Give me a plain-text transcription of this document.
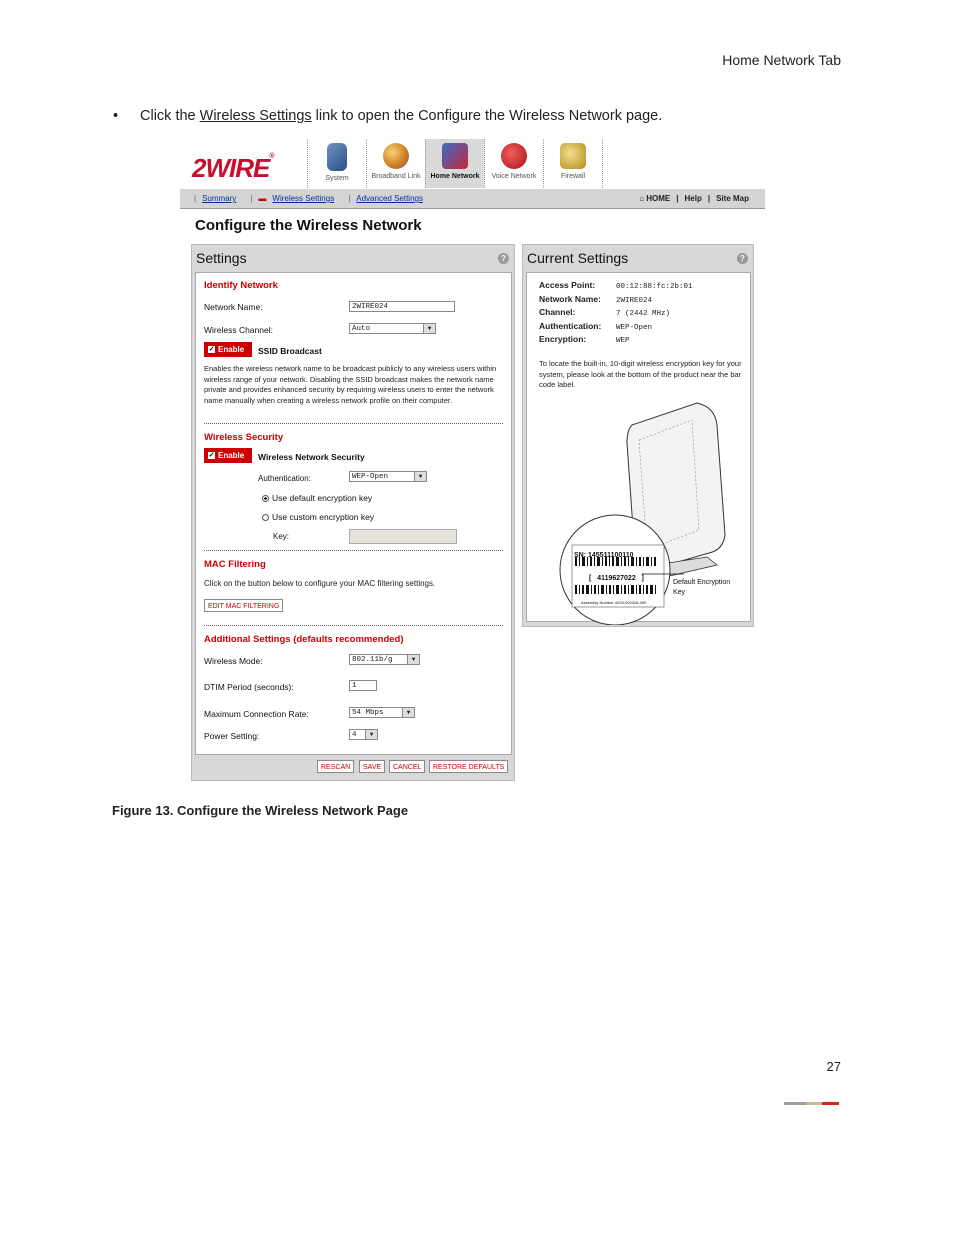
Home Network Tab
• Click the Wireless Settings link to open the Configure the Wireless Network page.
2WIRE®
System	Broadband Link	Home Network	Voice Network	Firewall
| Summary | ▬ Wireless Settings | Advanced Settings	⌂ HOME | Help | Site Map
Configure the Wireless Network
Settings	?
Identify Network
Network Name:	2WIRE024
Wireless Channel:	Auto	▼
✓ Enable	SSID Broadcast
Enables the wireless network name to be broadcast publicly to any wireless users within wireless range of your network. Disabling the SSID broadcast makes the network name private and provides enhanced security by requiring wireless users to enter the network name manually when creating a wireless network profile on their computer.
Wireless Security
✓ Enable	Wireless Network Security
Authentication:	WEP-Open	▼
Use default encryption key
Use custom encryption key
Key:
MAC Filtering
Click on the button below to configure your MAC filtering settings.
EDIT MAC FILTERING
Additional Settings (defaults recommended)
Wireless Mode:	802.11b/g	▼
DTIM Period (seconds):	1
Maximum Connection Rate:	54 Mbps	▼
Power Setting:	4	▼
RESCAN	SAVE	CANCEL	RESTORE DEFAULTS
Current Settings	?
Access Point:	00:12:88:fc:2b:01
Network Name: 2WIRE024
Channel:	7 (2442 MHz)
Authentication: WEP-Open
Encryption:	WEP
To locate the built-in, 10-digit wireless encryption key for your system, please look at the bottom of the product near the bar code label.
SN: 145511100110
[   4119627022   ]
Assembly Number 4203-000428-000
Default Encryption Key
Figure 13. Configure the Wireless Network Page
27
